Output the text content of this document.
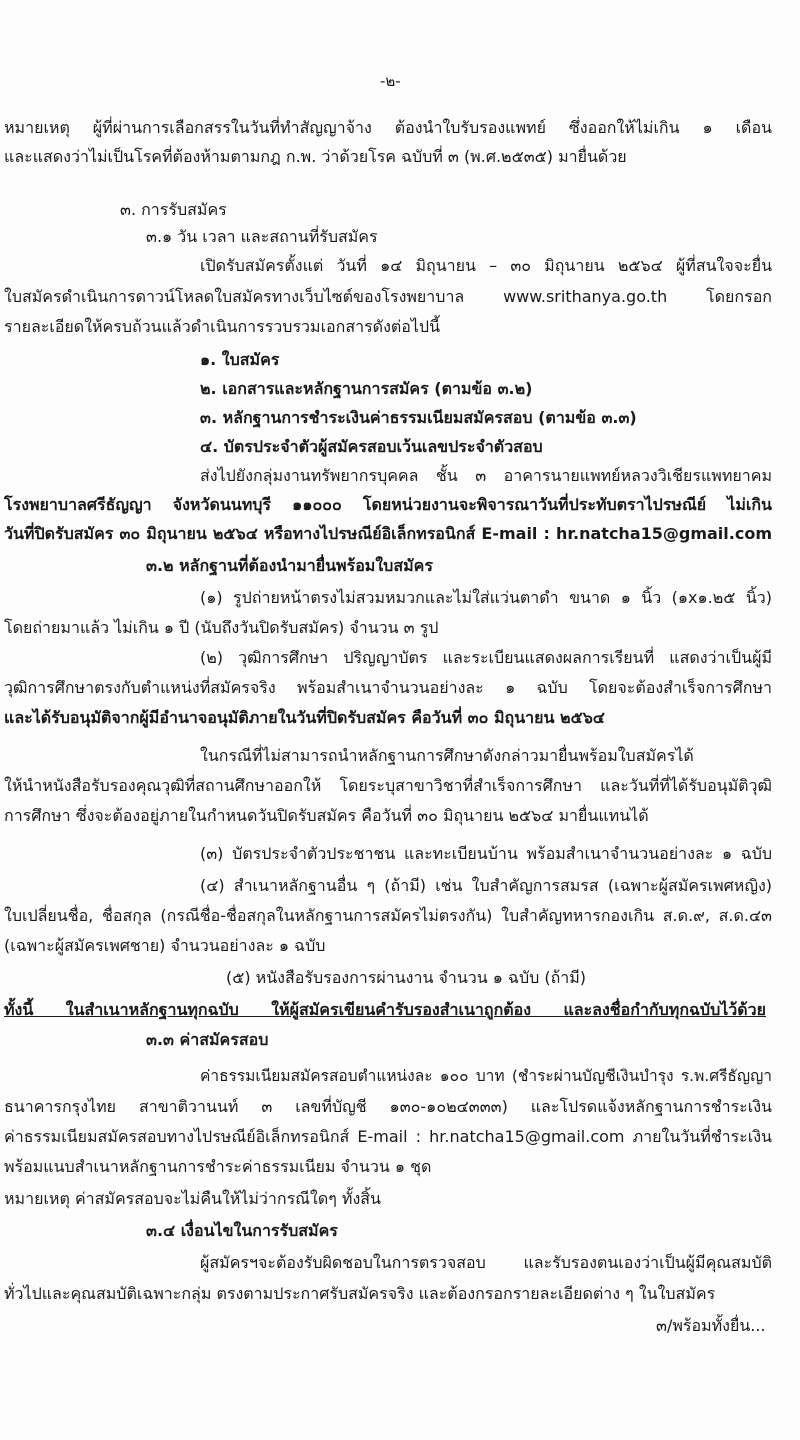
-๒-
หมายเหตุ ผู้ที่ผ่านการเลือกสรรในวันที่ทำสัญญาจ้าง ต้องนำใบรับรองแพทย์ ซึ่งออกให้ไม่เกิน ๑ เดือน
และแสดงว่าไม่เป็นโรคที่ต้องห้ามตามกฎ ก.พ. ว่าด้วยโรค ฉบับที่ ๓ (พ.ศ.๒๕๓๕) มายื่นด้วย
๓. การรับสมัคร
๓.๑ วัน เวลา และสถานที่รับสมัคร
เปิดรับสมัครตั้งแต่ วันที่ ๑๔ มิถุนายน – ๓๐ มิถุนายน ๒๕๖๔ ผู้ที่สนใจจะยื่น
ใบสมัครดำเนินการดาวน์โหลดใบสมัครทางเว็บไซต์ของโรงพยาบาล www.srithanya.go.th โดยกรอก
รายละเอียดให้ครบถ้วนแล้วดำเนินการรวบรวมเอกสารดังต่อไปนี้
๑. ใบสมัคร
๒. เอกสารและหลักฐานการสมัคร (ตามข้อ ๓.๒)
๓. หลักฐานการชำระเงินค่าธรรมเนียมสมัครสอบ (ตามข้อ ๓.๓)
๔. บัตรประจำตัวผู้สมัครสอบเว้นเลขประจำตัวสอบ
ส่งไปยังกลุ่มงานทรัพยากรบุคคล ชั้น ๓ อาคารนายแพทย์หลวงวิเชียรแพทยาคม
โรงพยาบาลศรีธัญญา จังหวัดนนทบุรี ๑๑๐๐๐ โดยหน่วยงานจะพิจารณาวันที่ประทับตราไปรษณีย์ ไม่เกิน
วันที่ปิดรับสมัคร ๓๐ มิถุนายน ๒๕๖๔ หรือทางไปรษณีย์อิเล็กทรอนิกส์ E-mail : hr.natcha15@gmail.com
๓.๒ หลักฐานที่ต้องนำมายื่นพร้อมใบสมัคร
(๑) รูปถ่ายหน้าตรงไม่สวมหมวกและไม่ใส่แว่นตาดำ ขนาด ๑ นิ้ว (๑x๑.๒๕ นิ้ว)
โดยถ่ายมาแล้ว ไม่เกิน ๑ ปี (นับถึงวันปิดรับสมัคร) จำนวน ๓ รูป
(๒) วุฒิการศึกษา ปริญญาบัตร และระเบียนแสดงผลการเรียนที่ แสดงว่าเป็นผู้มี
วุฒิการศึกษาตรงกับตำแหน่งที่สมัครจริง พร้อมสำเนาจำนวนอย่างละ ๑ ฉบับ โดยจะต้องสำเร็จการศึกษา
และได้รับอนุมัติจากผู้มีอำนาจอนุมัติภายในวันที่ปิดรับสมัคร คือวันที่ ๓๐ มิถุนายน ๒๕๖๔
ในกรณีที่ไม่สามารถนำหลักฐานการศึกษาดังกล่าวมายื่นพร้อมใบสมัครได้
ให้นำหนังสือรับรองคุณวุฒิที่สถานศึกษาออกให้ โดยระบุสาขาวิชาที่สำเร็จการศึกษา และวันที่ที่ได้รับอนุมัติวุฒิ
การศึกษา ซึ่งจะต้องอยู่ภายในกำหนดวันปิดรับสมัคร คือวันที่ ๓๐ มิถุนายน ๒๕๖๔ มายื่นแทนได้
(๓) บัตรประจำตัวประชาชน และทะเบียนบ้าน พร้อมสำเนาจำนวนอย่างละ ๑ ฉบับ
(๔) สำเนาหลักฐานอื่น ๆ (ถ้ามี) เช่น ใบสำคัญการสมรส (เฉพาะผู้สมัครเพศหญิง)
ใบเปลี่ยนชื่อ, ชื่อสกุล (กรณีชื่อ-ชื่อสกุลในหลักฐานการสมัครไม่ตรงกัน) ใบสำคัญทหารกองเกิน ส.ด.๙, ส.ด.๔๓
(เฉพาะผู้สมัครเพศชาย) จำนวนอย่างละ ๑ ฉบับ
(๕) หนังสือรับรองการผ่านงาน จำนวน ๑ ฉบับ (ถ้ามี)
ทั้งนี้ ในสำเนาหลักฐานทุกฉบับ ให้ผู้สมัครเขียนคำรับรองสำเนาถูกต้อง และลงชื่อกำกับทุกฉบับไว้ด้วย
๓.๓ ค่าสมัครสอบ
ค่าธรรมเนียมสมัครสอบตำแหน่งละ ๑๐๐ บาท (ชำระผ่านบัญชีเงินบำรุง ร.พ.ศรีธัญญา
ธนาคารกรุงไทย สาขาติวานนท์ ๓ เลขที่บัญชี ๑๓๐-๑๐๒๔๓๓๓) และโปรดแจ้งหลักฐานการชำระเงิน
ค่าธรรมเนียมสมัครสอบทางไปรษณีย์อิเล็กทรอนิกส์ E-mail : hr.natcha15@gmail.com ภายในวันที่ชำระเงิน
พร้อมแนบสำเนาหลักฐานการชำระค่าธรรมเนียม จำนวน ๑ ชุด
หมายเหตุ ค่าสมัครสอบจะไม่คืนให้ไม่ว่ากรณีใดๆ ทั้งสิ้น
๓.๔ เงื่อนไขในการรับสมัคร
ผู้สมัครฯจะต้องรับผิดชอบในการตรวจสอบ และรับรองตนเองว่าเป็นผู้มีคุณสมบัติ
ทั่วไปและคุณสมบัติเฉพาะกลุ่ม ตรงตามประกาศรับสมัครจริง และต้องกรอกรายละเอียดต่าง ๆ ในใบสมัคร
๓/พร้อมทั้งยื่น...
